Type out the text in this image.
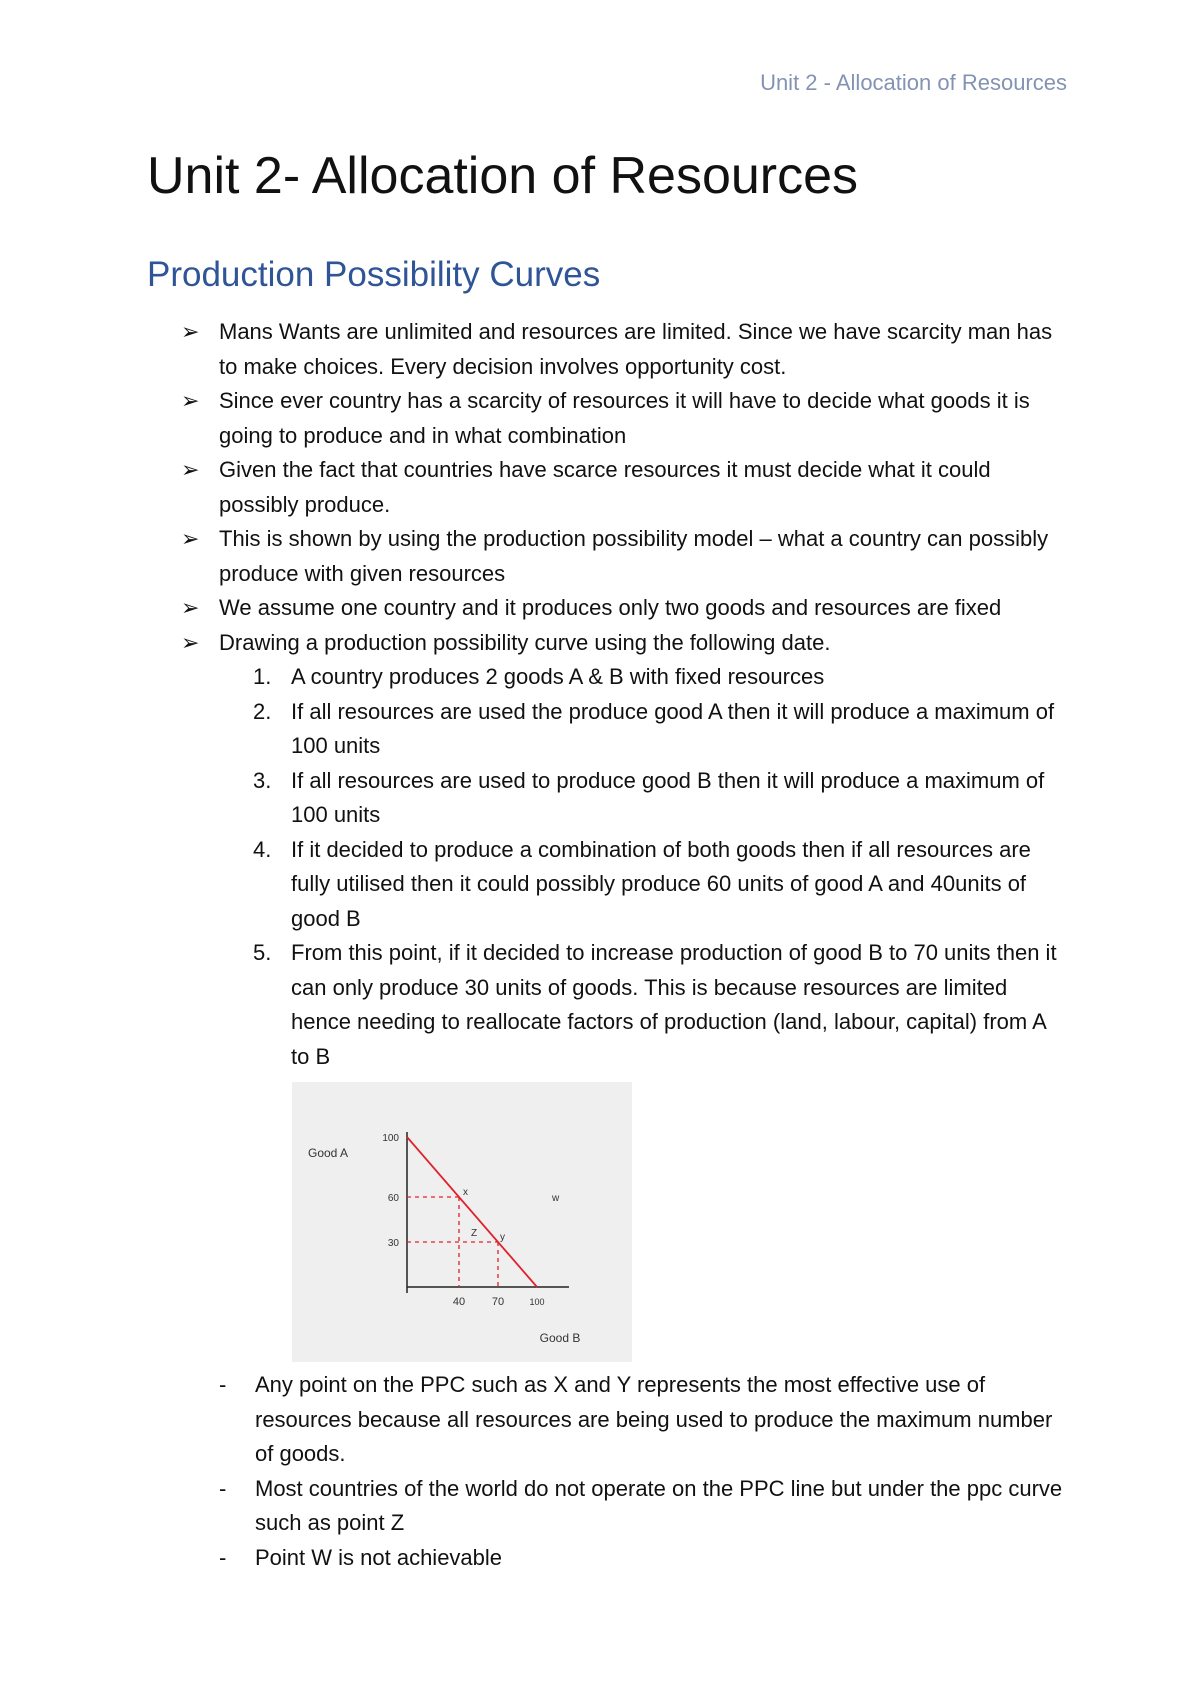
Unit 2 - Allocation of Resources

Unit 2- Allocation of Resources
Production Possibility Curves
➢ Mans Wants are unlimited and resources are limited. Since we have scarcity man has to make choices. Every decision involves opportunity cost.
➢ Since ever country has a scarcity of resources it will have to decide what goods it is going to produce and in what combination
➢ Given the fact that countries have scarce resources it must decide what it could possibly produce.
➢ This is shown by using the production possibility model – what a country can possibly produce with given resources
➢ We assume one country and it produces only two goods and resources are fixed
➢ Drawing a production possibility curve using the following date.
1. A country produces 2 goods A & B with fixed resources
2. If all resources are used the produce good A then it will produce a maximum of 100 units
3. If all resources are used to produce good B then it will produce a maximum of 100 units
4. If it decided to produce a combination of both goods then if all resources are fully utilised then it could possibly produce 60 units of good A and 40units of good B
5. From this point, if it decided to increase production of good B to 70 units then it can only produce 30 units of goods. This is because resources are limited hence needing to reallocate factors of production (land, labour, capital) from A to B
x
y
Z
w
100
60
30
40 70	100
Good A
Good B
- Any point on the PPC such as X and Y represents the most effective use of resources because all resources are being used to produce the maximum number of goods.
- Most countries of the world do not operate on the PPC line but under the ppc curve such as point Z
- Point W is not achievable
